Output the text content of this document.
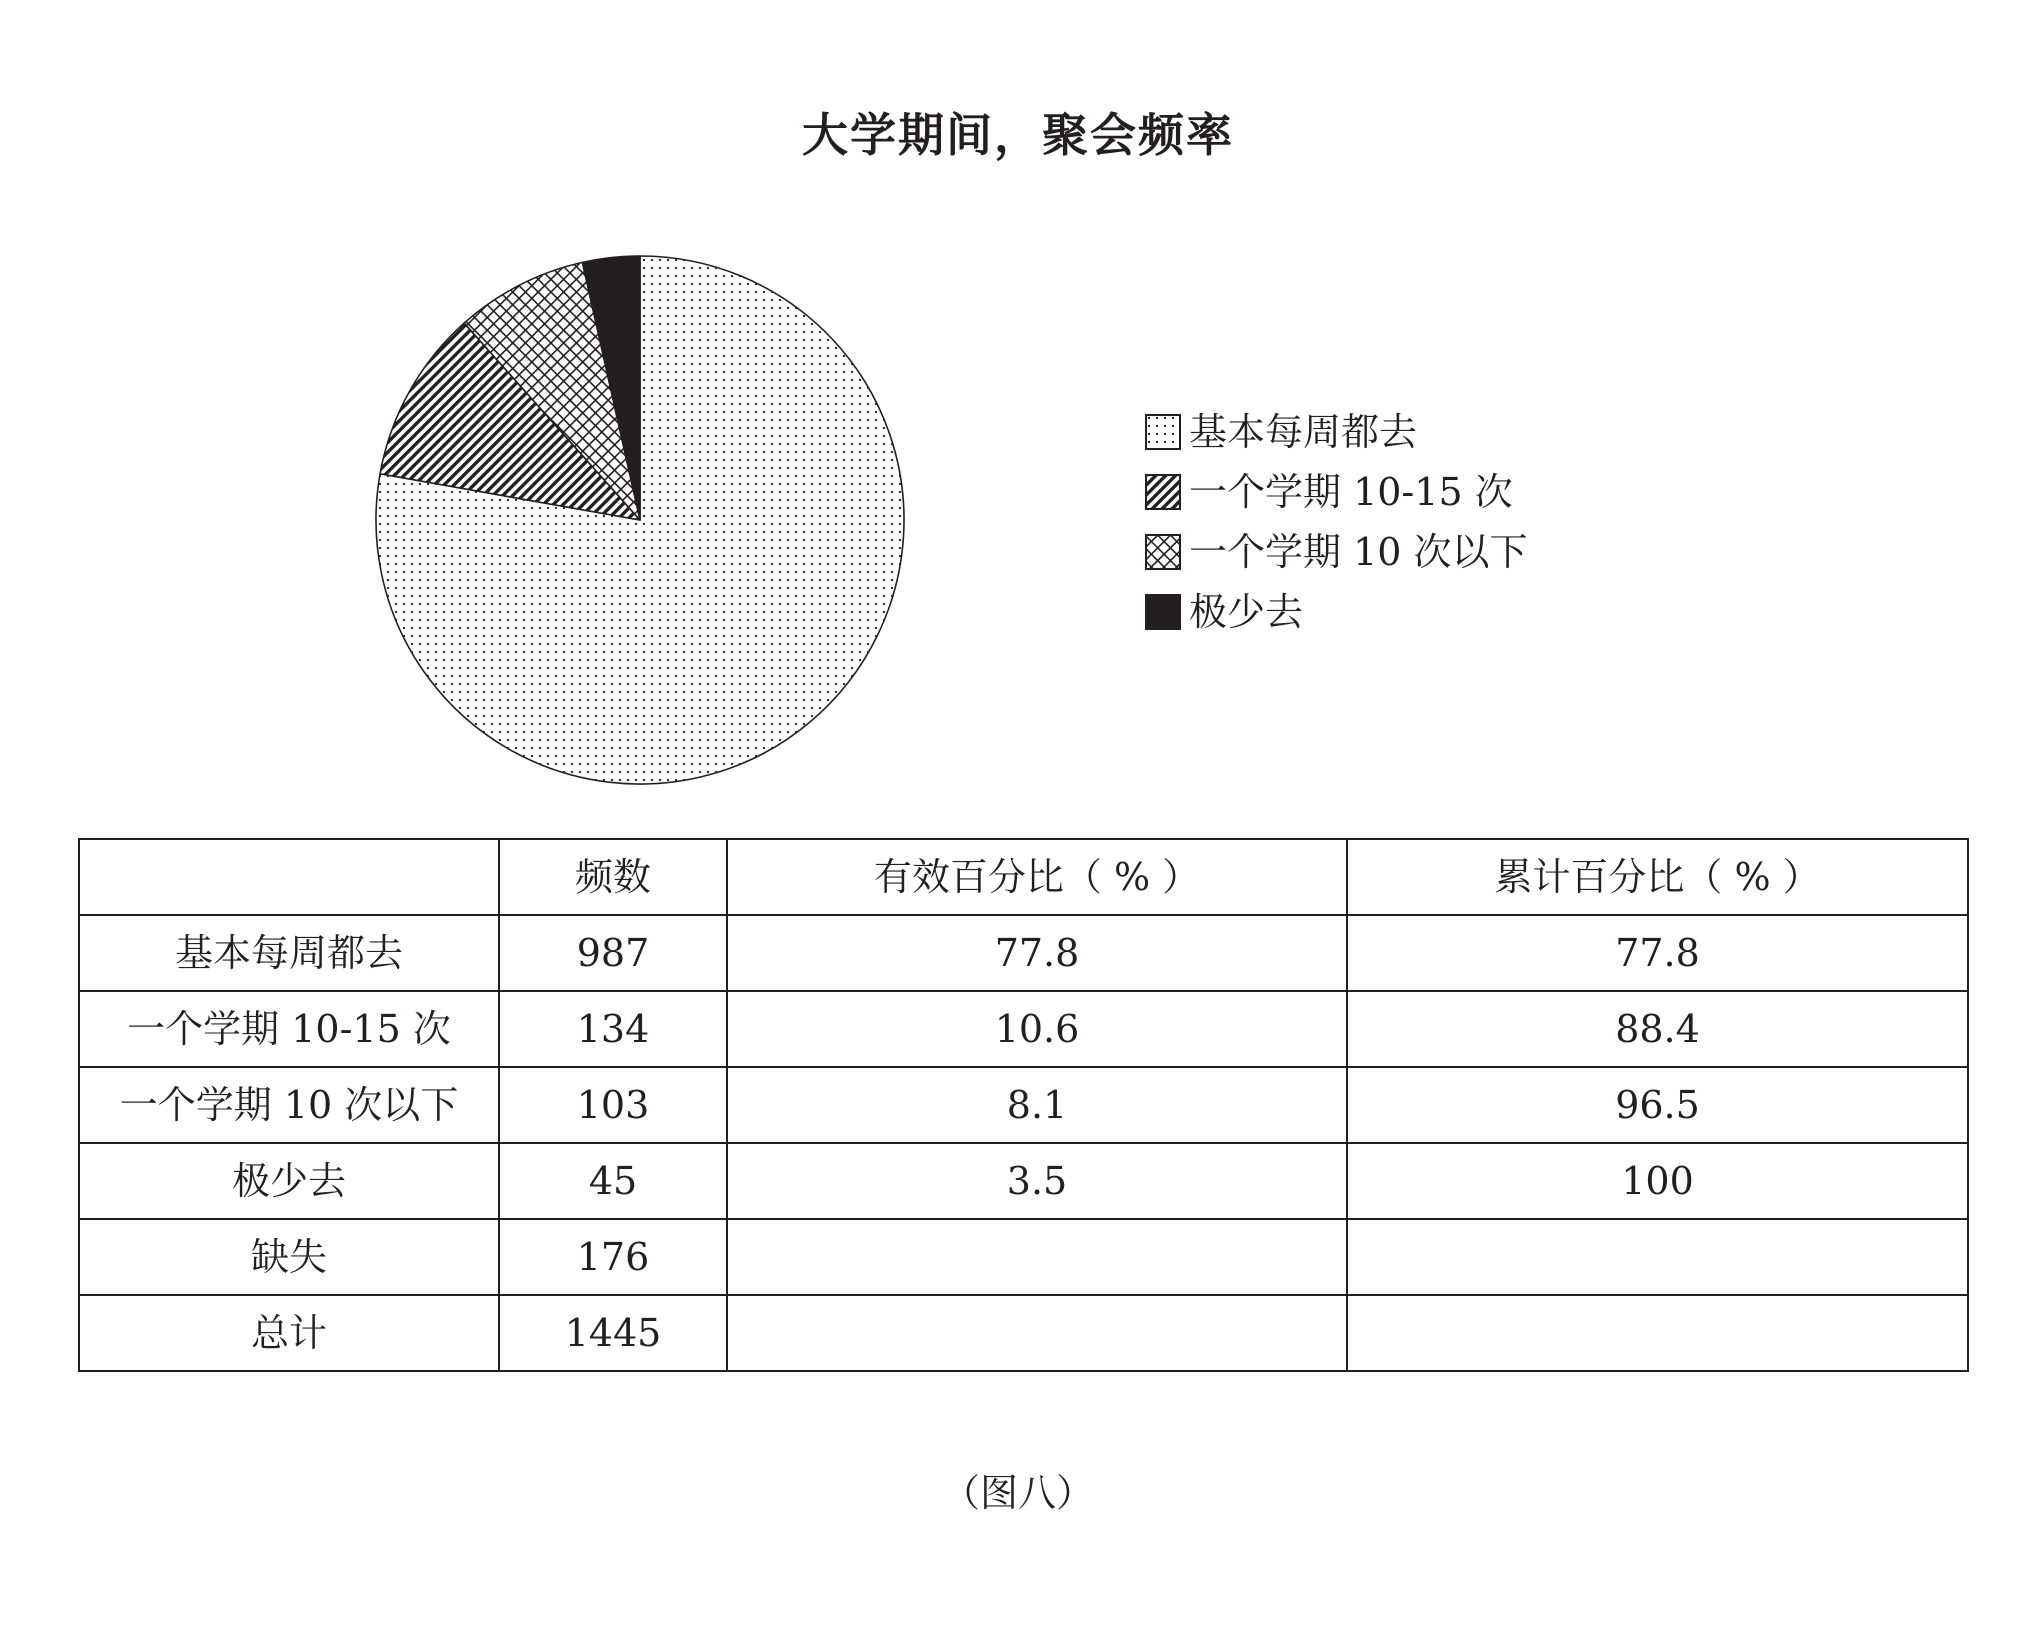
大学期间，聚会频率
基本每周都去
一个学期 10-15 次
一个学期 10 次以下
极少去
	频数	有效百分比（ % ）	累计百分比（ % ）
基本每周都去	987	77.8	77.8
一个学期 10-15 次	134	10.6	88.4
一个学期 10 次以下	103	8.1	96.5
极少去	45	3.5	100
缺失	176		
总计	1445		
（图八）
